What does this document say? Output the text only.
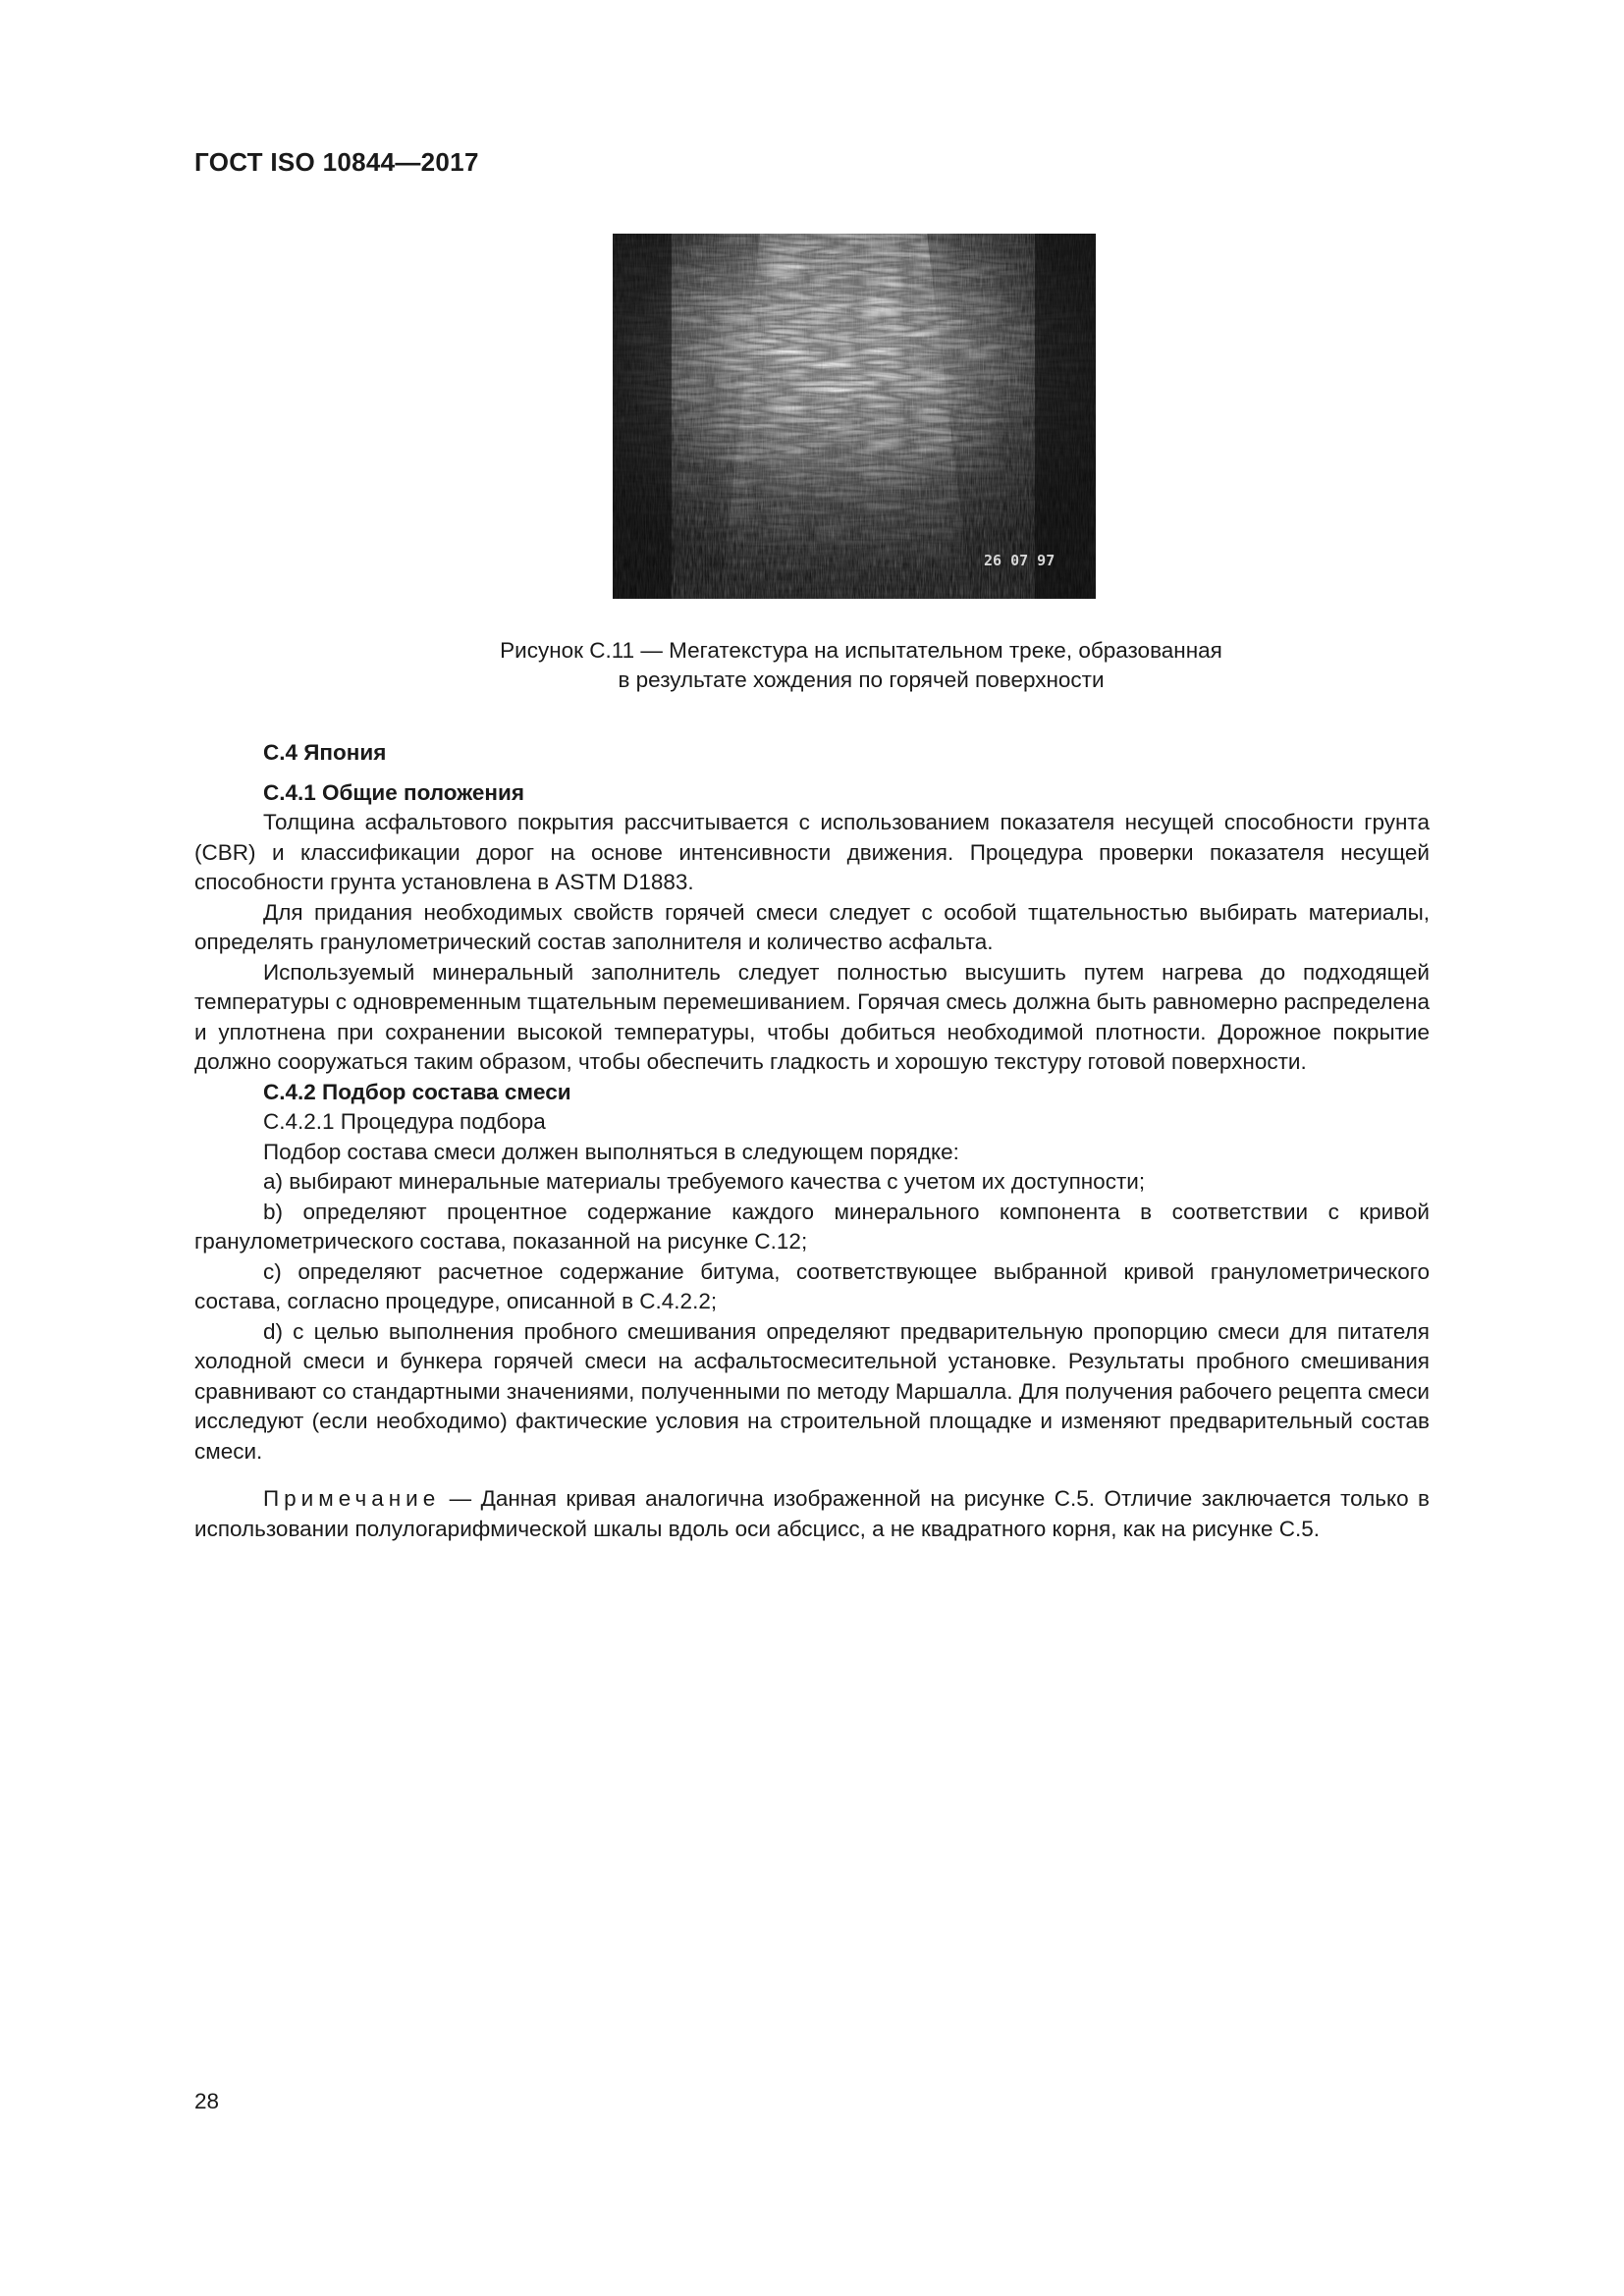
ГОСТ ISO 10844—2017
26 07 97
Рисунок С.11 — Мегатекстура на испытательном треке, образованная
в результате хождения по горячей поверхности
С.4 Япония
С.4.1 Общие положения

Толщина асфальтового покрытия рассчитывается с использованием показателя несущей способности грунта (CBR) и классификации дорог на основе интенсивности движения. Процедура проверки показателя несущей способности грунта установлена в ASTM D1883.

Для придания необходимых свойств горячей смеси следует с особой тщательностью выбирать материалы, определять гранулометрический состав заполнителя и количество асфальта.

Используемый минеральный заполнитель следует полностью высушить путем нагрева до подходящей температуры с одновременным тщательным перемешиванием. Горячая смесь должна быть равномерно распределена и уплотнена при сохранении высокой температуры, чтобы добиться необходимой плотности. Дорожное покрытие должно сооружаться таким образом, чтобы обеспечить гладкость и хорошую текстуру готовой поверхности.

С.4.2 Подбор состава смеси
С.4.2.1 Процедура подбора

Подбор состава смеси должен выполняться в следующем порядке:

a) выбирают минеральные материалы требуемого качества с учетом их доступности;

b) определяют процентное содержание каждого минерального компонента в соответствии с кривой гранулометрического состава, показанной на рисунке С.12;

c) определяют расчетное содержание битума, соответствующее выбранной кривой гранулометрического состава, согласно процедуре, описанной в С.4.2.2;

d) с целью выполнения пробного смешивания определяют предварительную пропорцию смеси для питателя холодной смеси и бункера горячей смеси на асфальтосмесительной установке. Результаты пробного смешивания сравнивают со стандартными значениями, полученными по методу Маршалла. Для получения рабочего рецепта смеси исследуют (если необходимо) фактические условия на строительной площадке и изменяют предварительный состав смеси.

Примечание — Данная кривая аналогична изображенной на рисунке С.5. Отличие заключается только в использовании полулогарифмической шкалы вдоль оси абсцисс, а не квадратного корня, как на рисунке С.5.

28
